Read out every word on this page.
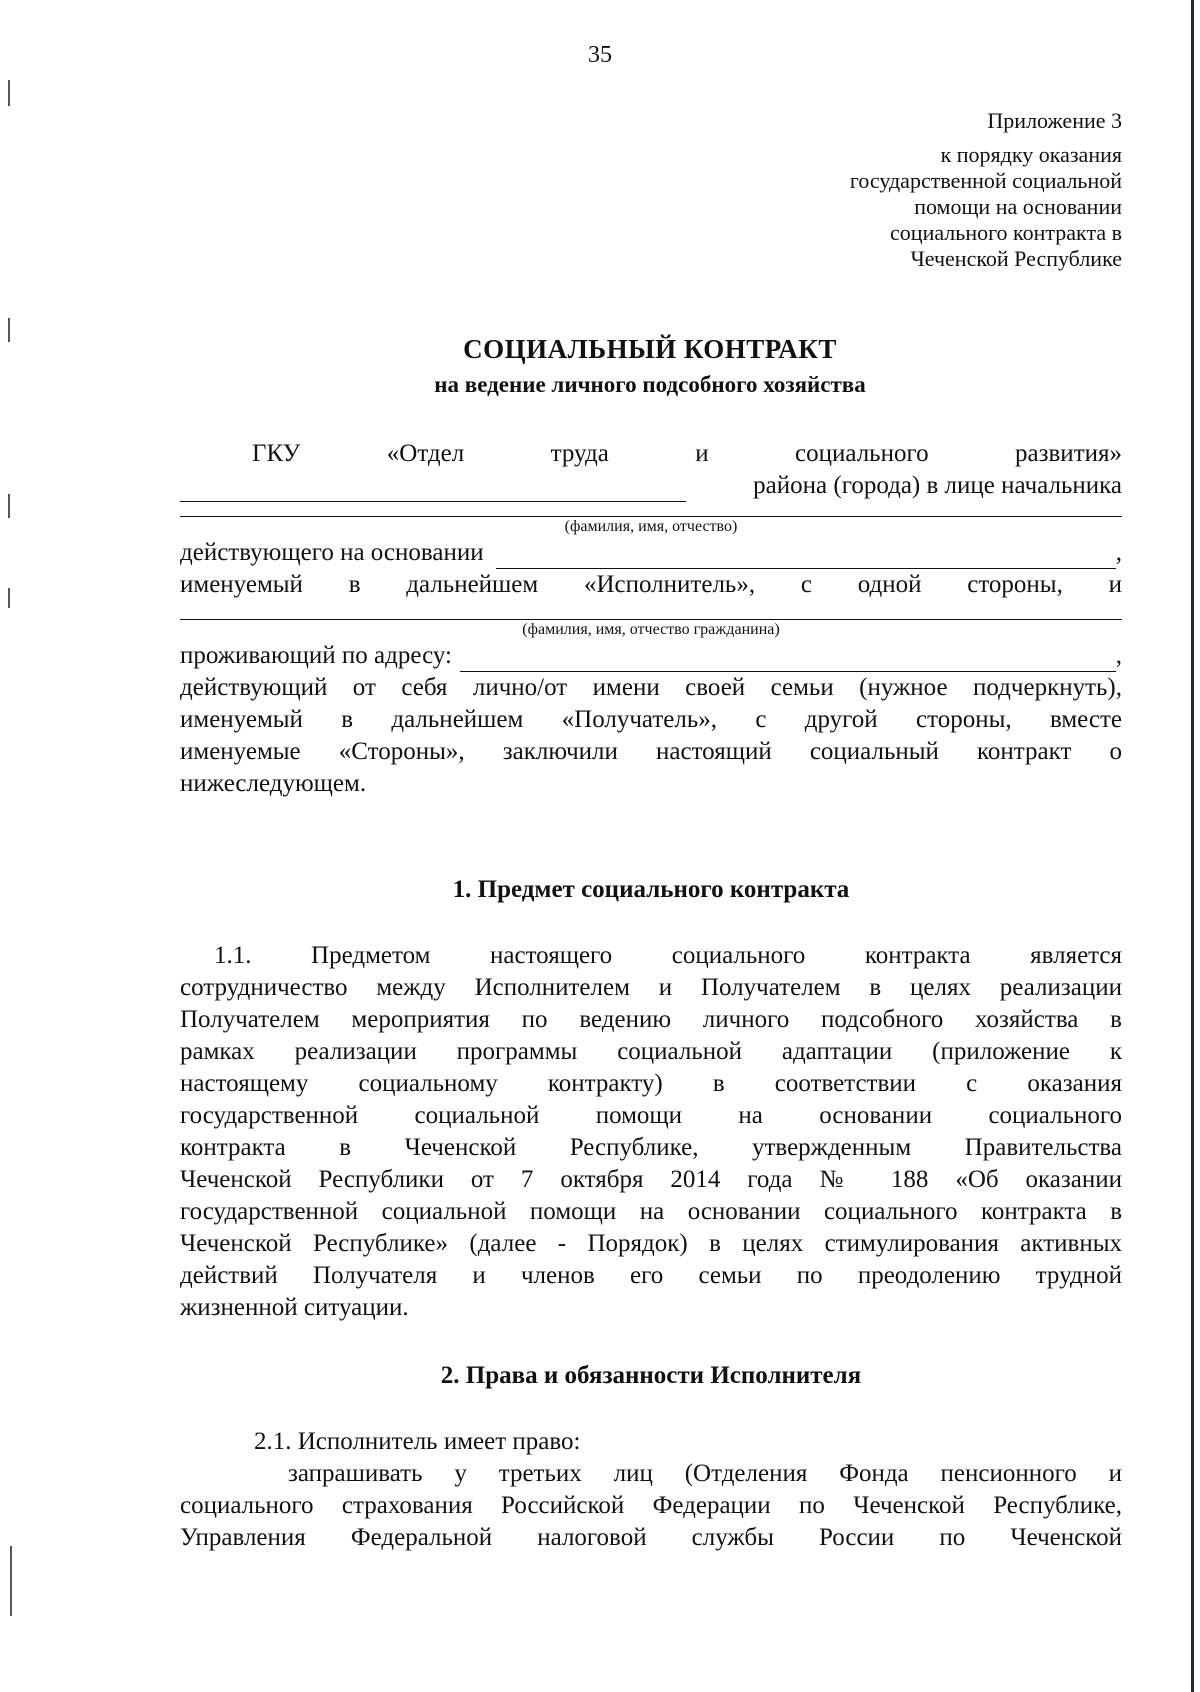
35
Приложение 3
к порядку оказания
государственной социальной
помощи на основании
социального контракта в
Чеченской Республике
СОЦИАЛЬНЫЙ КОНТРАКТ
на ведение личного подсобного хозяйства
ГКУ «Отдел труда и социального развития»
района (города) в лице начальника
(фамилия, имя, отчество)
действующего на основании	,
именуемый в дальнейшем «Исполнитель», с одной стороны, и
(фамилия, имя, отчество гражданина)
проживающий по адресу:	,
действующий от себя лично/от имени своей семьи (нужное подчеркнуть),
именуемый в дальнейшем «Получатель», с другой стороны, вместе
именуемые «Стороны», заключили настоящий социальный контракт о
нижеследующем.
1. Предмет социального контракта
1.1. Предметом настоящего социального контракта является
сотрудничество между Исполнителем и Получателем в целях реализации
Получателем мероприятия по ведению личного подсобного хозяйства в
рамках реализации программы социальной адаптации (приложение к
настоящему социальному контракту) в соответствии с оказания
государственной социальной помощи на основании социального
контракта в Чеченской Республике, утвержденным Правительства
Чеченской Республики от 7 октября 2014 года № 188 «Об оказании
государственной социальной помощи на основании социального контракта в
Чеченской Республике» (далее - Порядок) в целях стимулирования активных
действий Получателя и членов его семьи по преодолению трудной
жизненной ситуации.
2. Права и обязанности Исполнителя
2.1. Исполнитель имеет право:
запрашивать у третьих лиц (Отделения Фонда пенсионного и
социального страхования Российской Федерации по Чеченской Республике,
Управления Федеральной налоговой службы России по Чеченской
